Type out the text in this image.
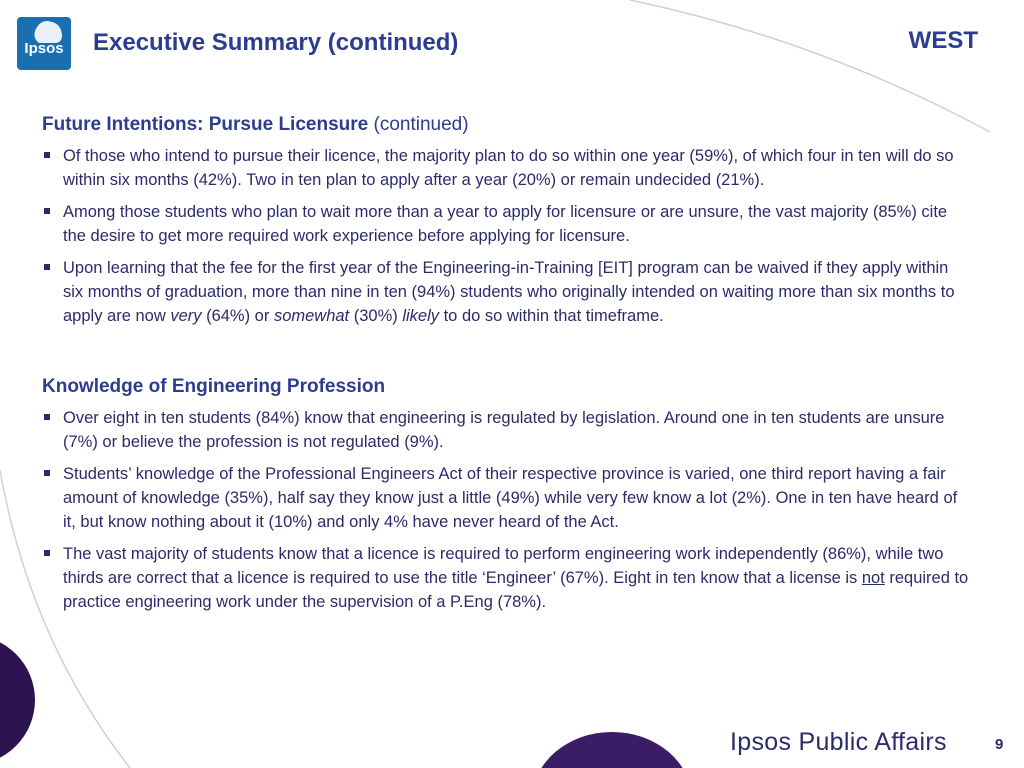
Ipsos	Executive Summary (continued)	WEST
Future Intentions: Pursue Licensure (continued)
Of those who intend to pursue their licence, the majority plan to do so within one year (59%), of which four in ten will do so within six months (42%). Two in ten plan to apply after a year (20%) or remain undecided (21%).
Among those students who plan to wait more than a year to apply for licensure or are unsure, the vast majority (85%) cite the desire to get more required work experience before applying for licensure.
Upon learning that the fee for the first year of the Engineering-in-Training [EIT] program can be waived if they apply within six months of graduation, more than nine in ten (94%) students who originally intended on waiting more than six months to apply are now very (64%) or somewhat (30%) likely to do so within that timeframe.
Knowledge of Engineering Profession
Over eight in ten students (84%) know that engineering is regulated by legislation. Around one in ten students are unsure (7%) or believe the profession is not regulated (9%).
Students’ knowledge of the Professional Engineers Act of their respective province is varied, one third report having a fair amount of knowledge (35%), half say they know just a little (49%) while very few know a lot (2%). One in ten have heard of it, but know nothing about it (10%) and only 4% have never heard of the Act.
The vast majority of students know that a licence is required to perform engineering work independently (86%), while two thirds are correct that a licence is required to use the title ‘Engineer’ (67%). Eight in ten know that a license is not required to practice engineering work under the supervision of a P.Eng (78%).
Ipsos Public Affairs	9
